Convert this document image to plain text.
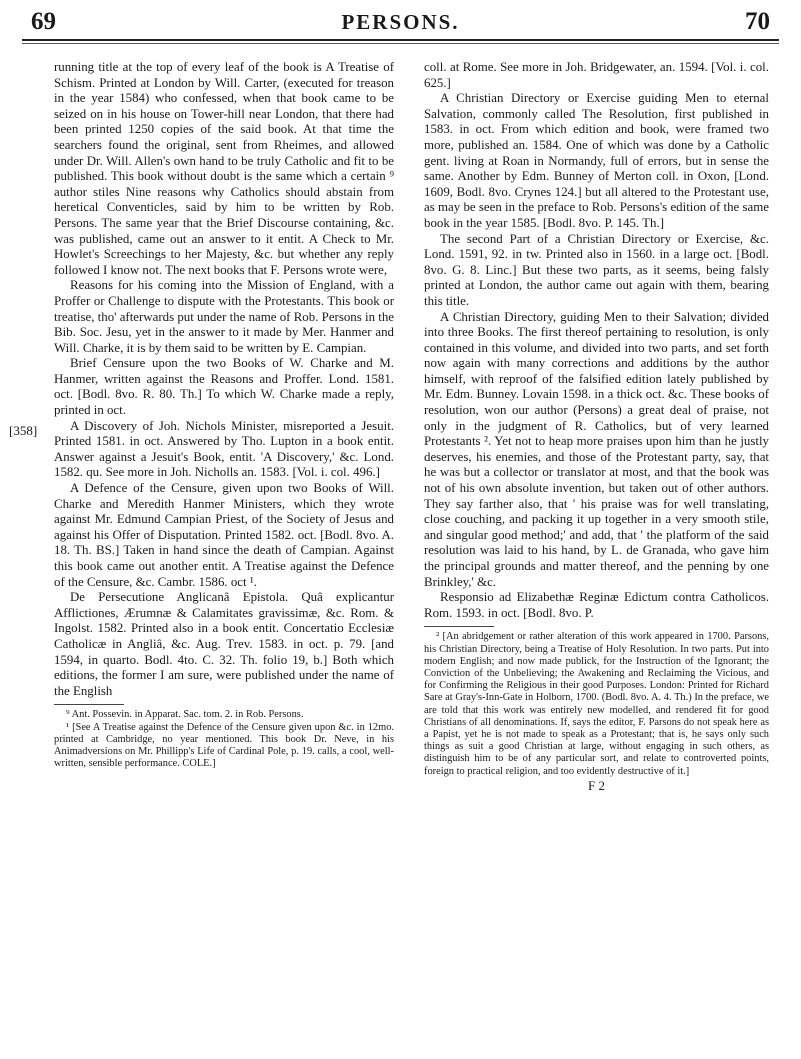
69	PERSONS.	70
[358]

running title at the top of every leaf of the book is A Treatise of Schism. Printed at London by Will. Carter, (executed for treason in the year 1584) who confessed, when that book came to be seized on in his house on Tower-hill near London, that there had been printed 1250 copies of the said book. At that time the searchers found the original, sent from Rheimes, and allowed under Dr. Will. Allen's own hand to be truly Catholic and fit to be published. This book without doubt is the same which a certain ⁹ author stiles Nine reasons why Catholics should abstain from heretical Conventicles, said by him to be written by Rob. Persons. The same year that the Brief Discourse containing, &c. was published, came out an answer to it entit. A Check to Mr. Howlet's Screechings to her Majesty, &c. but whether any reply followed I know not. The next books that F. Persons wrote were,

Reasons for his coming into the Mission of England, with a Proffer or Challenge to dispute with the Protestants. This book or treatise, tho' afterwards put under the name of Rob. Persons in the Bib. Soc. Jesu, yet in the answer to it made by Mer. Hanmer and Will. Charke, it is by them said to be written by E. Campian.

Brief Censure upon the two Books of W. Charke and M. Hanmer, written against the Reasons and Proffer. Lond. 1581. oct. [Bodl. 8vo. R. 80. Th.] To which W. Charke made a reply, printed in oct.

A Discovery of Joh. Nichols Minister, misreported a Jesuit. Printed 1581. in oct. Answered by Tho. Lupton in a book entit. Answer against a Jesuit's Book, entit. 'A Discovery,' &c. Lond. 1582. qu. See more in Joh. Nicholls an. 1583. [Vol. i. col. 496.]

A Defence of the Censure, given upon two Books of Will. Charke and Meredith Hanmer Ministers, which they wrote against Mr. Edmund Campian Priest, of the Society of Jesus and against his Offer of Disputation. Printed 1582. oct. [Bodl. 8vo. A. 18. Th. BS.] Taken in hand since the death of Campian. Against this book came out another entit. A Treatise against the Defence of the Censure, &c. Cambr. 1586. oct ¹.

De Persecutione Anglicanâ Epistola. Quâ explicantur Afflictiones, Ærumnæ & Calamitates gravissimæ, &c. Rom. & Ingolst. 1582. Printed also in a book entit. Concertatio Ecclesiæ Catholicæ in Angliâ, &c. Aug. Trev. 1583. in oct. p. 79. [and 1594, in quarto. Bodl. 4to. C. 32. Th. folio 19, b.] Both which editions, the former I am sure, were published under the name of the English

⁹ Ant. Possevin. in Apparat. Sac. tom. 2. in Rob. Persons.

¹ [See A Treatise against the Defence of the Censure given upon &c. in 12mo. printed at Cambridge, no year mentioned. This book Dr. Neve, in his Animadversions on Mr. Phillipp's Life of Cardinal Pole, p. 19. calls, a cool, well-written, sensible performance. COLE.]

coll. at Rome. See more in Joh. Bridgewater, an. 1594. [Vol. i. col. 625.]

A Christian Directory or Exercise guiding Men to eternal Salvation, commonly called The Resolution, first published in 1583. in oct. From which edition and book, were framed two more, published an. 1584. One of which was done by a Catholic gent. living at Roan in Normandy, full of errors, but in sense the same. Another by Edm. Bunney of Merton coll. in Oxon, [Lond. 1609, Bodl. 8vo. Crynes 124.] but all altered to the Protestant use, as may be seen in the preface to Rob. Persons's edition of the same book in the year 1585. [Bodl. 8vo. P. 145. Th.]

The second Part of a Christian Directory or Exercise, &c. Lond. 1591, 92. in tw. Printed also in 1560. in a large oct. [Bodl. 8vo. G. 8. Linc.] But these two parts, as it seems, being falsly printed at London, the author came out again with them, bearing this title.

A Christian Directory, guiding Men to their Salvation; divided into three Books. The first thereof pertaining to resolution, is only contained in this volume, and divided into two parts, and set forth now again with many corrections and additions by the author himself, with reproof of the falsified edition lately published by Mr. Edm. Bunney. Lovain 1598. in a thick oct. &c. These books of resolution, won our author (Persons) a great deal of praise, not only in the judgment of R. Catholics, but of very learned Protestants ². Yet not to heap more praises upon him than he justly deserves, his enemies, and those of the Protestant party, say, that he was but a collector or translator at most, and that the book was not of his own absolute invention, but taken out of other authors. They say farther also, that ' his praise was for well translating, close couching, and packing it up together in a very smooth stile, and singular good method;' and add, that ' the platform of the said resolution was laid to his hand, by L. de Granada, who gave him the principal grounds and matter thereof, and the penning by one Brinkley,' &c.

Responsio ad Elizabethæ Reginæ Edictum contra Catholicos. Rom. 1593. in oct. [Bodl. 8vo. P.

² [An abridgement or rather alteration of this work appeared in 1700. Parsons, his Christian Directory, being a Treatise of Holy Resolution. In two parts. Put into modern English; and now made publick, for the Instruction of the Ignorant; the Conviction of the Unbelieving; the Awakening and Reclaiming the Vicious, and for Confirming the Religious in their good Purposes. London: Printed for Richard Sare at Gray's-Inn-Gate in Holborn, 1700. (Bodl. 8vo. A. 4. Th.) In the preface, we are told that this work was entirely new modelled, and rendered fit for good Christians of all denominations. If, says the editor, F. Parsons do not speak here as a Papist, yet he is not made to speak as a Protestant; that is, he says only such things as suit a good Christian at large, without engaging in such others, as distinguish him to be of any particular sort, and relate to controverted points, foreign to practical religion, and too evidently destructive of it.]

F 2
